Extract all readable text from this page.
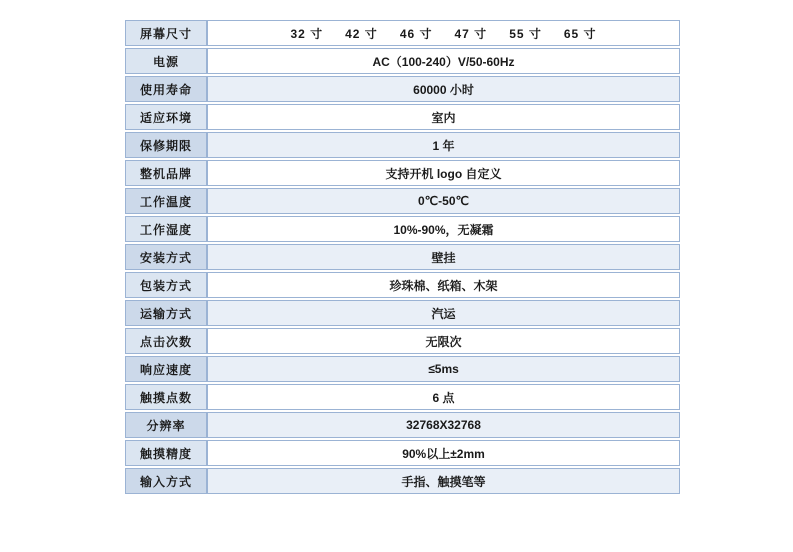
屏幕尺寸	32 寸 42 寸 46 寸 47 寸 55 寸 65 寸

电源	AC（100-240）V/50-60Hz
使用寿命	60000 小时
适应环境	室内
保修期限	1 年
整机品牌	支持开机 logo 自定义
工作温度	0℃-50℃
工作湿度	10%-90%，无凝霜
安装方式	壁挂
包装方式	珍珠棉、纸箱、木架
运输方式	汽运
点击次数	无限次
响应速度	≤5ms
触摸点数	6 点
分辨率	32768X32768
触摸精度	90%以上±2mm
输入方式	手指、触摸笔等
